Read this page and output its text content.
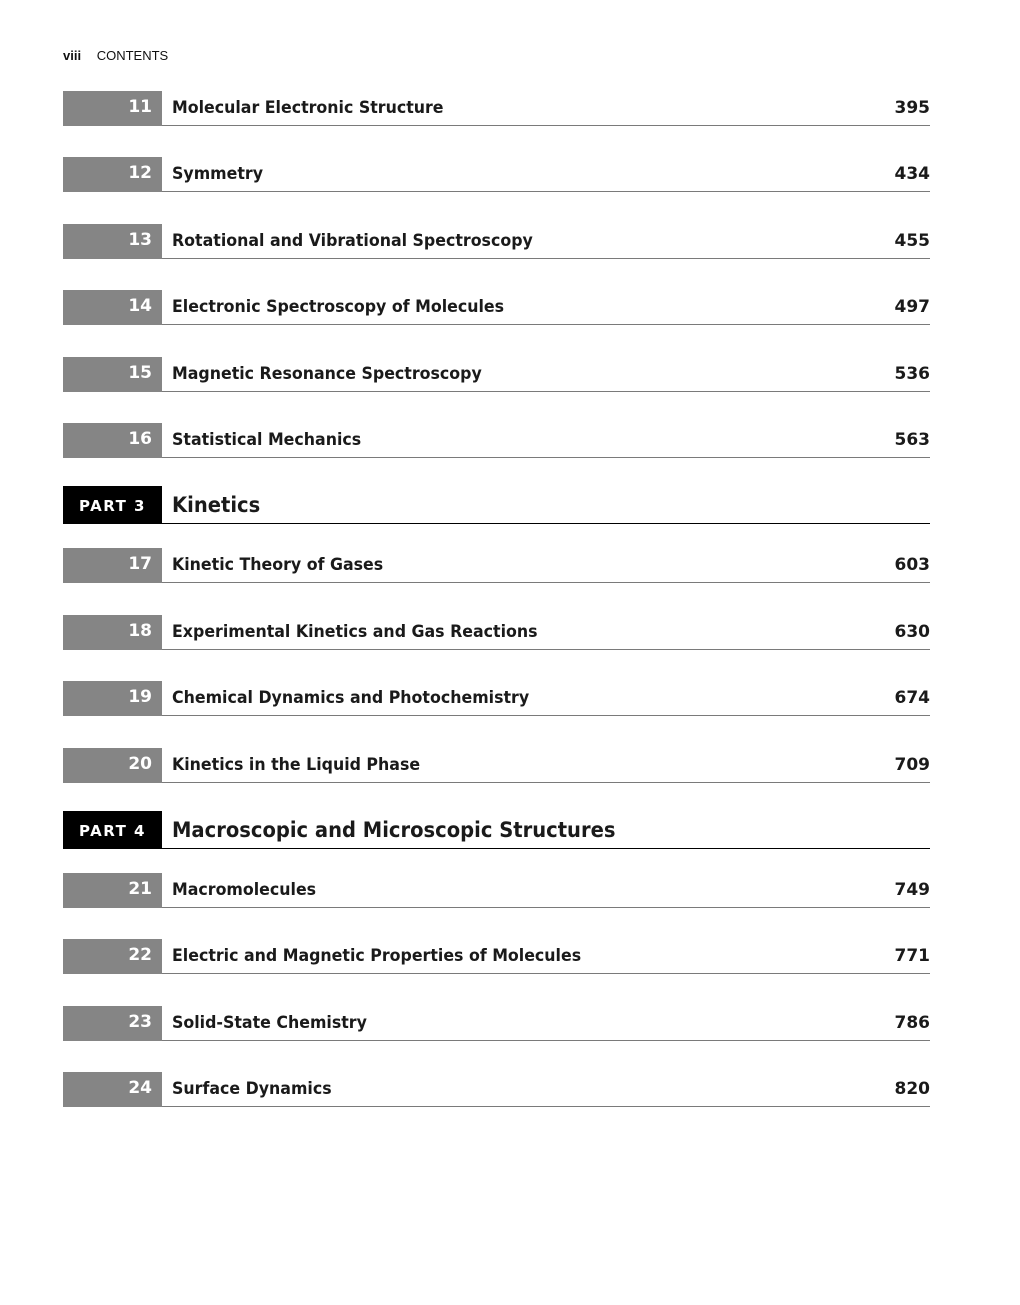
viii CONTENTS
11	Molecular Electronic Structure	395
12	Symmetry	434
13	Rotational and Vibrational Spectroscopy	455
14	Electronic Spectroscopy of Molecules	497
15	Magnetic Resonance Spectroscopy	536
16	Statistical Mechanics	563
PART 3	Kinetics
17	Kinetic Theory of Gases	603
18	Experimental Kinetics and Gas Reactions	630
19	Chemical Dynamics and Photochemistry	674
20	Kinetics in the Liquid Phase	709
PART 4	Macroscopic and Microscopic Structures
21	Macromolecules	749
22	Electric and Magnetic Properties of Molecules	771
23	Solid-State Chemistry	786
24	Surface Dynamics	820
